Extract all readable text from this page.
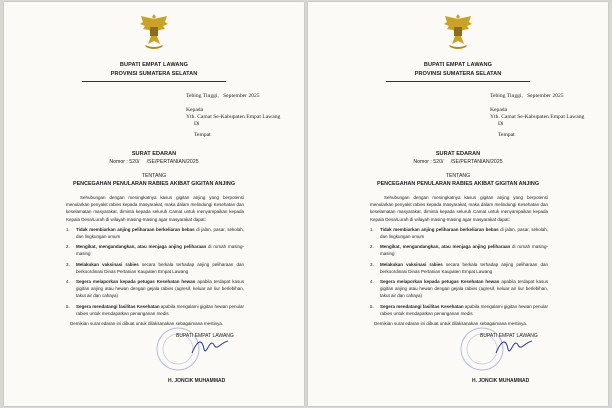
BUPATI EMPAT LAWANG
PROVINSI SUMATERA SELATAN
Tebing Tinggi,   September 2025
Kepada
Yth. Camat Se-Kabupaten Empat Lawang
Di
Tempat
SURAT EDARAN
Nomor : 520/     /SE/PERTANIAN/2025
TENTANG
PENCEGAHAN PENULARAN RABIES AKIBAT GIGITAN ANJING
Sehubungan dengan meningkatnya kasus gigitan anjing yang berpotensi menularkan penyakit rabies kepada masyarakat, maka dalam melindungi Kesehatan dan keselamatan masyarakat, diminta kepada seluruh Camat untuk menyampaikan kepada Kepala Desa/Lurah di wilayah masing-masing agar masyarakat dapat:
1. Tidak membiarkan anjing peliharaan berkeliaran bebas di jalan, pasar, sekolah, dan lingkungan umum
2. Mengikat, mengandangkan, atau menjaga anjing peliharaan di rumah masing-masing
3. Melakukan vaksinasi rabies secara berkala terhadap anjing peliharaan dan berkoordinasi Dinas Pertanian Kaupaten Empat Lawang
4. Segera melaporkan kepada petugas Kesehatan hewan apabila terdapat kasus gigitan anjing atau hewan dengan gejala rabies (agresif, keluar air liur berlebihan, takut air dan cahaya)
5. Segera mendatangi fasilitas Kesehatan apabila mengalami gigitan hewan penular rabies untuk mendapatkan penanganan medis
Demikian surat edaran ini dibuat untuk dilaksanakan sebagaimana mestinya.
BUPATI EMPAT LAWANG
H. JONCIK MUHAMMAD
BUPATI EMPAT LAWANG
PROVINSI SUMATERA SELATAN
Tebing Tinggi,   September 2025
Kepada
Yth. Camat Se-Kabupaten Empat Lawang
Di
Tempat
SURAT EDARAN
Nomor : 520/     /SE/PERTANIAN/2025
TENTANG
PENCEGAHAN PENULARAN RABIES AKIBAT GIGITAN ANJING
Sehubungan dengan meningkatnya kasus gigitan anjing yang berpotensi menularkan penyakit rabies kepada masyarakat, maka dalam melindungi Kesehatan dan keselamatan masyarakat, diminta kepada seluruh Camat untuk menyampaikan kepada Kepala Desa/Lurah di wilayah masing-masing agar masyarakat dapat:
1. Tidak membiarkan anjing peliharaan berkeliaran bebas di jalan, pasar, sekolah, dan lingkungan umum
2. Mengikat, mengandangkan, atau menjaga anjing peliharaan di rumah masing-masing
3. Melakukan vaksinasi rabies secara berkala terhadap anjing peliharaan dan berkoordinasi Dinas Pertanian Kaupaten Empat Lawang
4. Segera melaporkan kepada petugas Kesehatan hewan apabila terdapat kasus gigitan anjing atau hewan dengan gejala rabies (agresif, keluar air liur berlebihan, takut air dan cahaya)
5. Segera mendatangi fasilitas Kesehatan apabila mengalami gigitan hewan penular rabies untuk mendapatkan penanganan medis
Demikian surat edaran ini dibuat untuk dilaksanakan sebagaimana mestinya.
BUPATI EMPAT LAWANG
H. JONCIK MUHAMMAD
